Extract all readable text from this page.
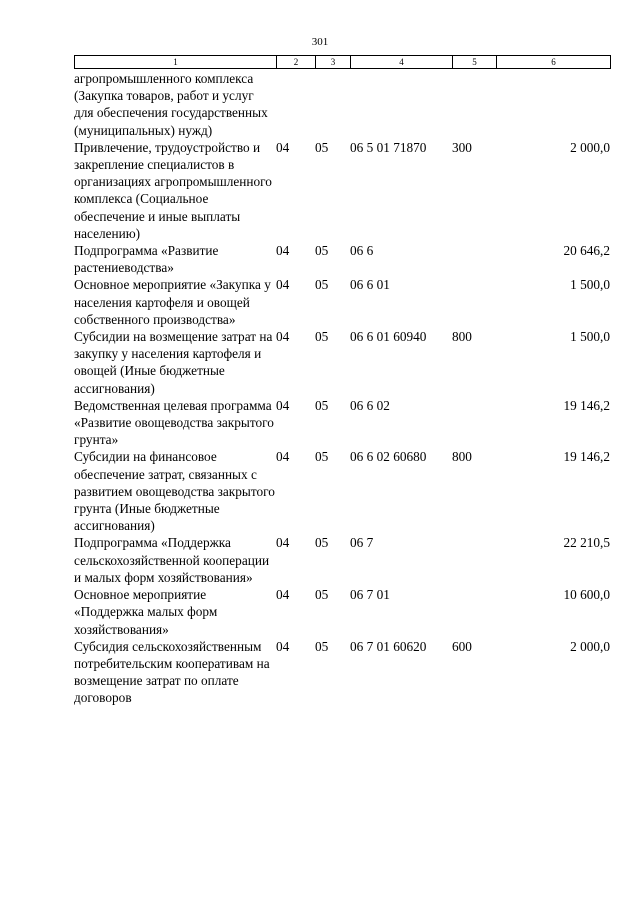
301
1	2	3	4	5	6
агропромышленного комплекса (Закупка товаров, работ и услуг для обеспечения государственных (муниципальных) нужд)					
Привлечение, трудоустройство и закрепление специалистов в организациях агропромышленного комплекса (Социальное обеспечение и иные выплаты населению)	04	05	06 5 01 71870	300	2 000,0
Подпрограмма «Развитие растениеводства»	04	05	06 6		20 646,2
Основное мероприятие «Закупка у населения картофеля и овощей собственного производства»	04	05	06 6 01		1 500,0
Субсидии на возмещение затрат на закупку у населения картофеля и овощей (Иные бюджетные ассигнования)	04	05	06 6 01 60940	800	1 500,0
Ведомственная целевая программа «Развитие овощеводства закрытого грунта»	04	05	06 6 02		19 146,2
Субсидии на финансовое обеспечение затрат, связанных с развитием овощеводства закрытого грунта (Иные бюджетные ассигнования)	04	05	06 6 02 60680	800	19 146,2
Подпрограмма «Поддержка сельскохозяйственной кооперации и малых форм хозяйствования»	04	05	06 7		22 210,5
Основное мероприятие «Поддержка малых форм хозяйствования»	04	05	06 7 01		10 600,0
Субсидия сельскохозяйственным потребительским кооперативам на возмещение затрат по оплате договоров	04	05	06 7 01 60620	600	2 000,0
